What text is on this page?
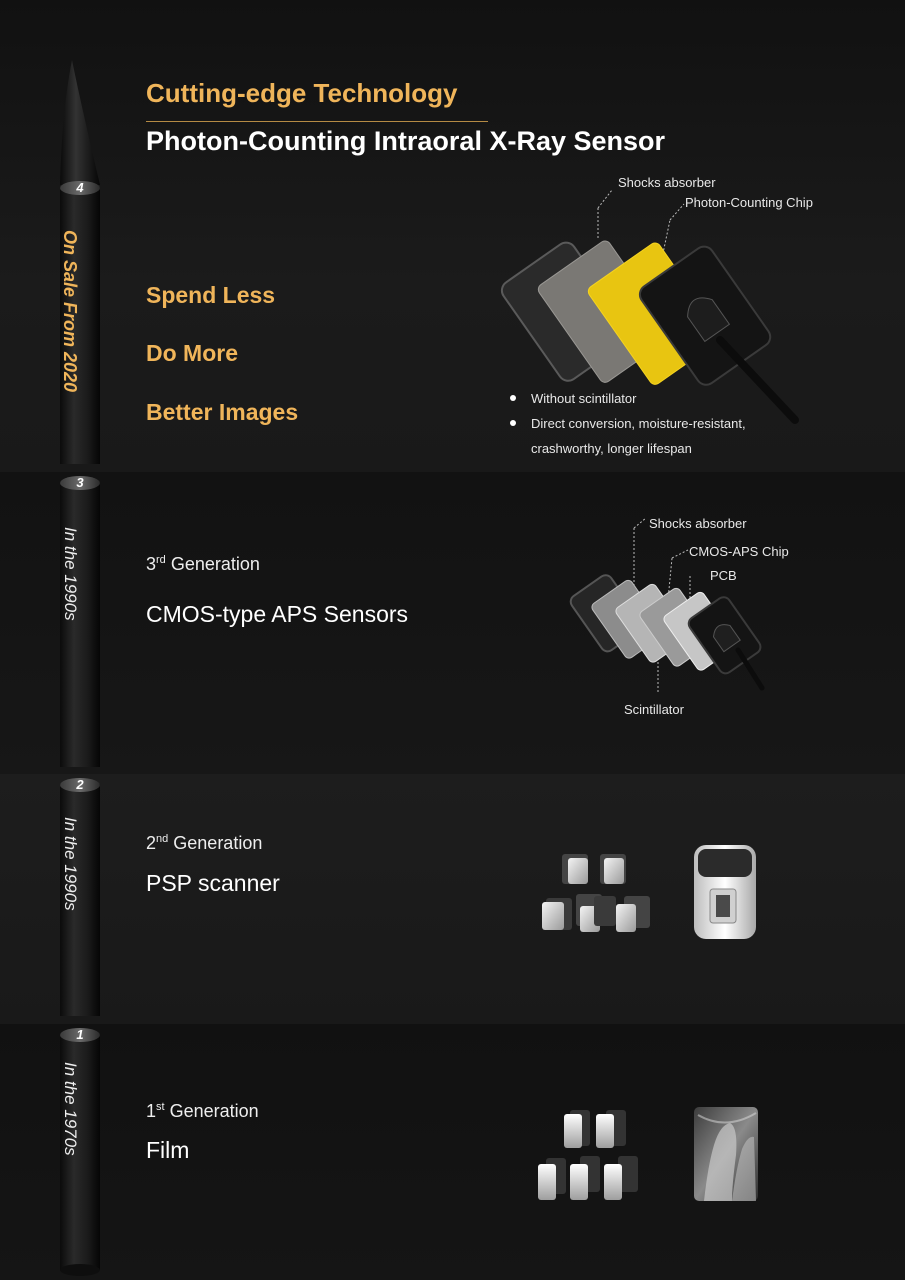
4
On Sale From 2020
3
In the 1990s
2
In the 1990s
1
In the 1970s
Cutting-edge Technology
Photon-Counting Intraoral X-Ray Sensor
Spend Less
Do More
Better Images
Shocks absorber
Photon-Counting Chip
Without scintillator
Direct conversion, moisture-resistant,
crashworthy, longer lifespan
3rd Generation
CMOS-type APS Sensors
Shocks absorber
CMOS-APS Chip
PCB
Scintillator
2nd Generation
PSP scanner
1st Generation
Film
